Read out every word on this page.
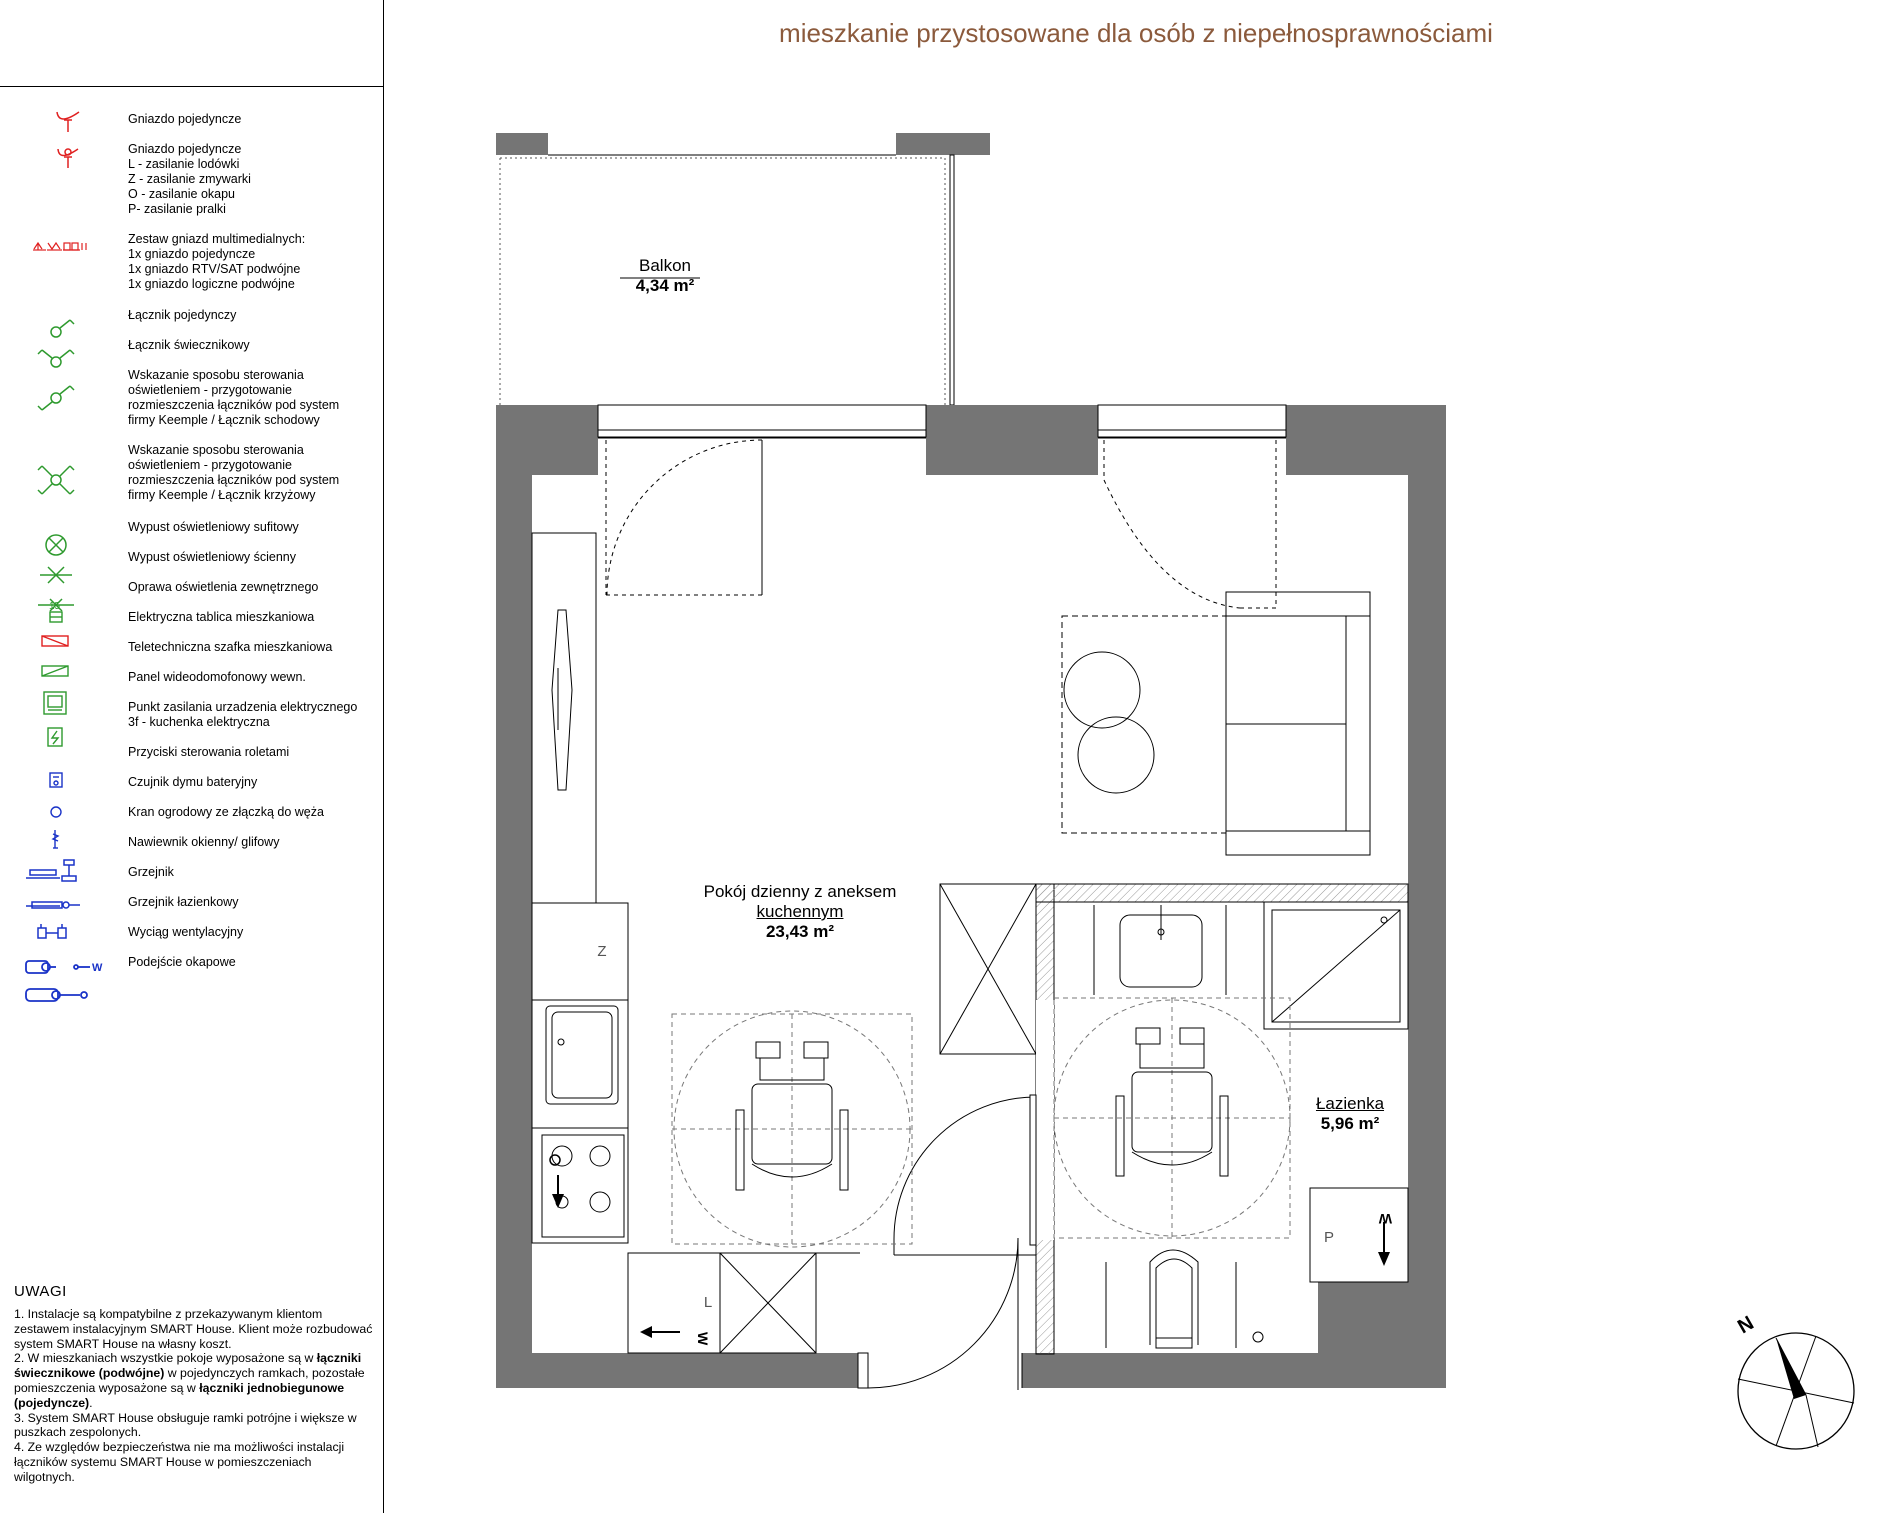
15
W
Gniazdo pojedyncze
Gniazdo pojedyncze
L - zasilanie lodówki
Z - zasilanie zmywarki
O - zasilanie okapu
P- zasilanie pralki
Zestaw gniazd multimedialnych:
1x gniazdo pojedyncze
1x gniazdo RTV/SAT podwójne
1x gniazdo logiczne podwójne
Łącznik pojedynczy
Łącznik świecznikowy
Wskazanie sposobu sterowania
oświetleniem - przygotowanie
rozmieszczenia łączników pod system
firmy Keemple / Łącznik schodowy
Wskazanie sposobu sterowania
oświetleniem - przygotowanie
rozmieszczenia łączników pod system
firmy Keemple / Łącznik krzyżowy
Wypust oświetleniowy sufitowy
Wypust oświetleniowy ścienny
Oprawa oświetlenia zewnętrznego
Elektryczna tablica mieszkaniowa
Teletechniczna szafka mieszkaniowa
Panel wideodomofonowy wewn.
Punkt zasilania urzadzenia elektrycznego
3f - kuchenka elektryczna
Przyciski sterowania roletami
Czujnik dymu bateryjny
Kran ogrodowy ze złączką do węża
Nawiewnik okienny/ glifowy
Grzejnik
Grzejnik łazienkowy
Wyciąg wentylacyjny
Podejście okapowe
UWAGI

1. Instalacje są kompatybilne z przekazywanym klientom zestawem instalacyjnym SMART House. Klient może rozbudować system SMART House na własny koszt.

2. W mieszkaniach wszystkie pokoje wyposażone są w łączniki świecznikowe (podwójne) w pojedynczych ramkach, pozostałe pomieszczenia wyposażone są w łączniki jednobiegunowe (pojedyncze).

3. System SMART House obsługuje ramki potrójne i większe w puszkach zespolonych.

4. Ze względów bezpieczeństwa nie ma możliwości instalacji łączników systemu SMART House w pomieszczeniach wilgotnych.

mieszkanie przystosowane dla osób z niepełnosprawnościami
Z
L
W
P
W
N
Balkon
4,34 m²
Pokój dzienny z aneksem
kuchennym
23,43 m²
Łazienka
5,96 m²
